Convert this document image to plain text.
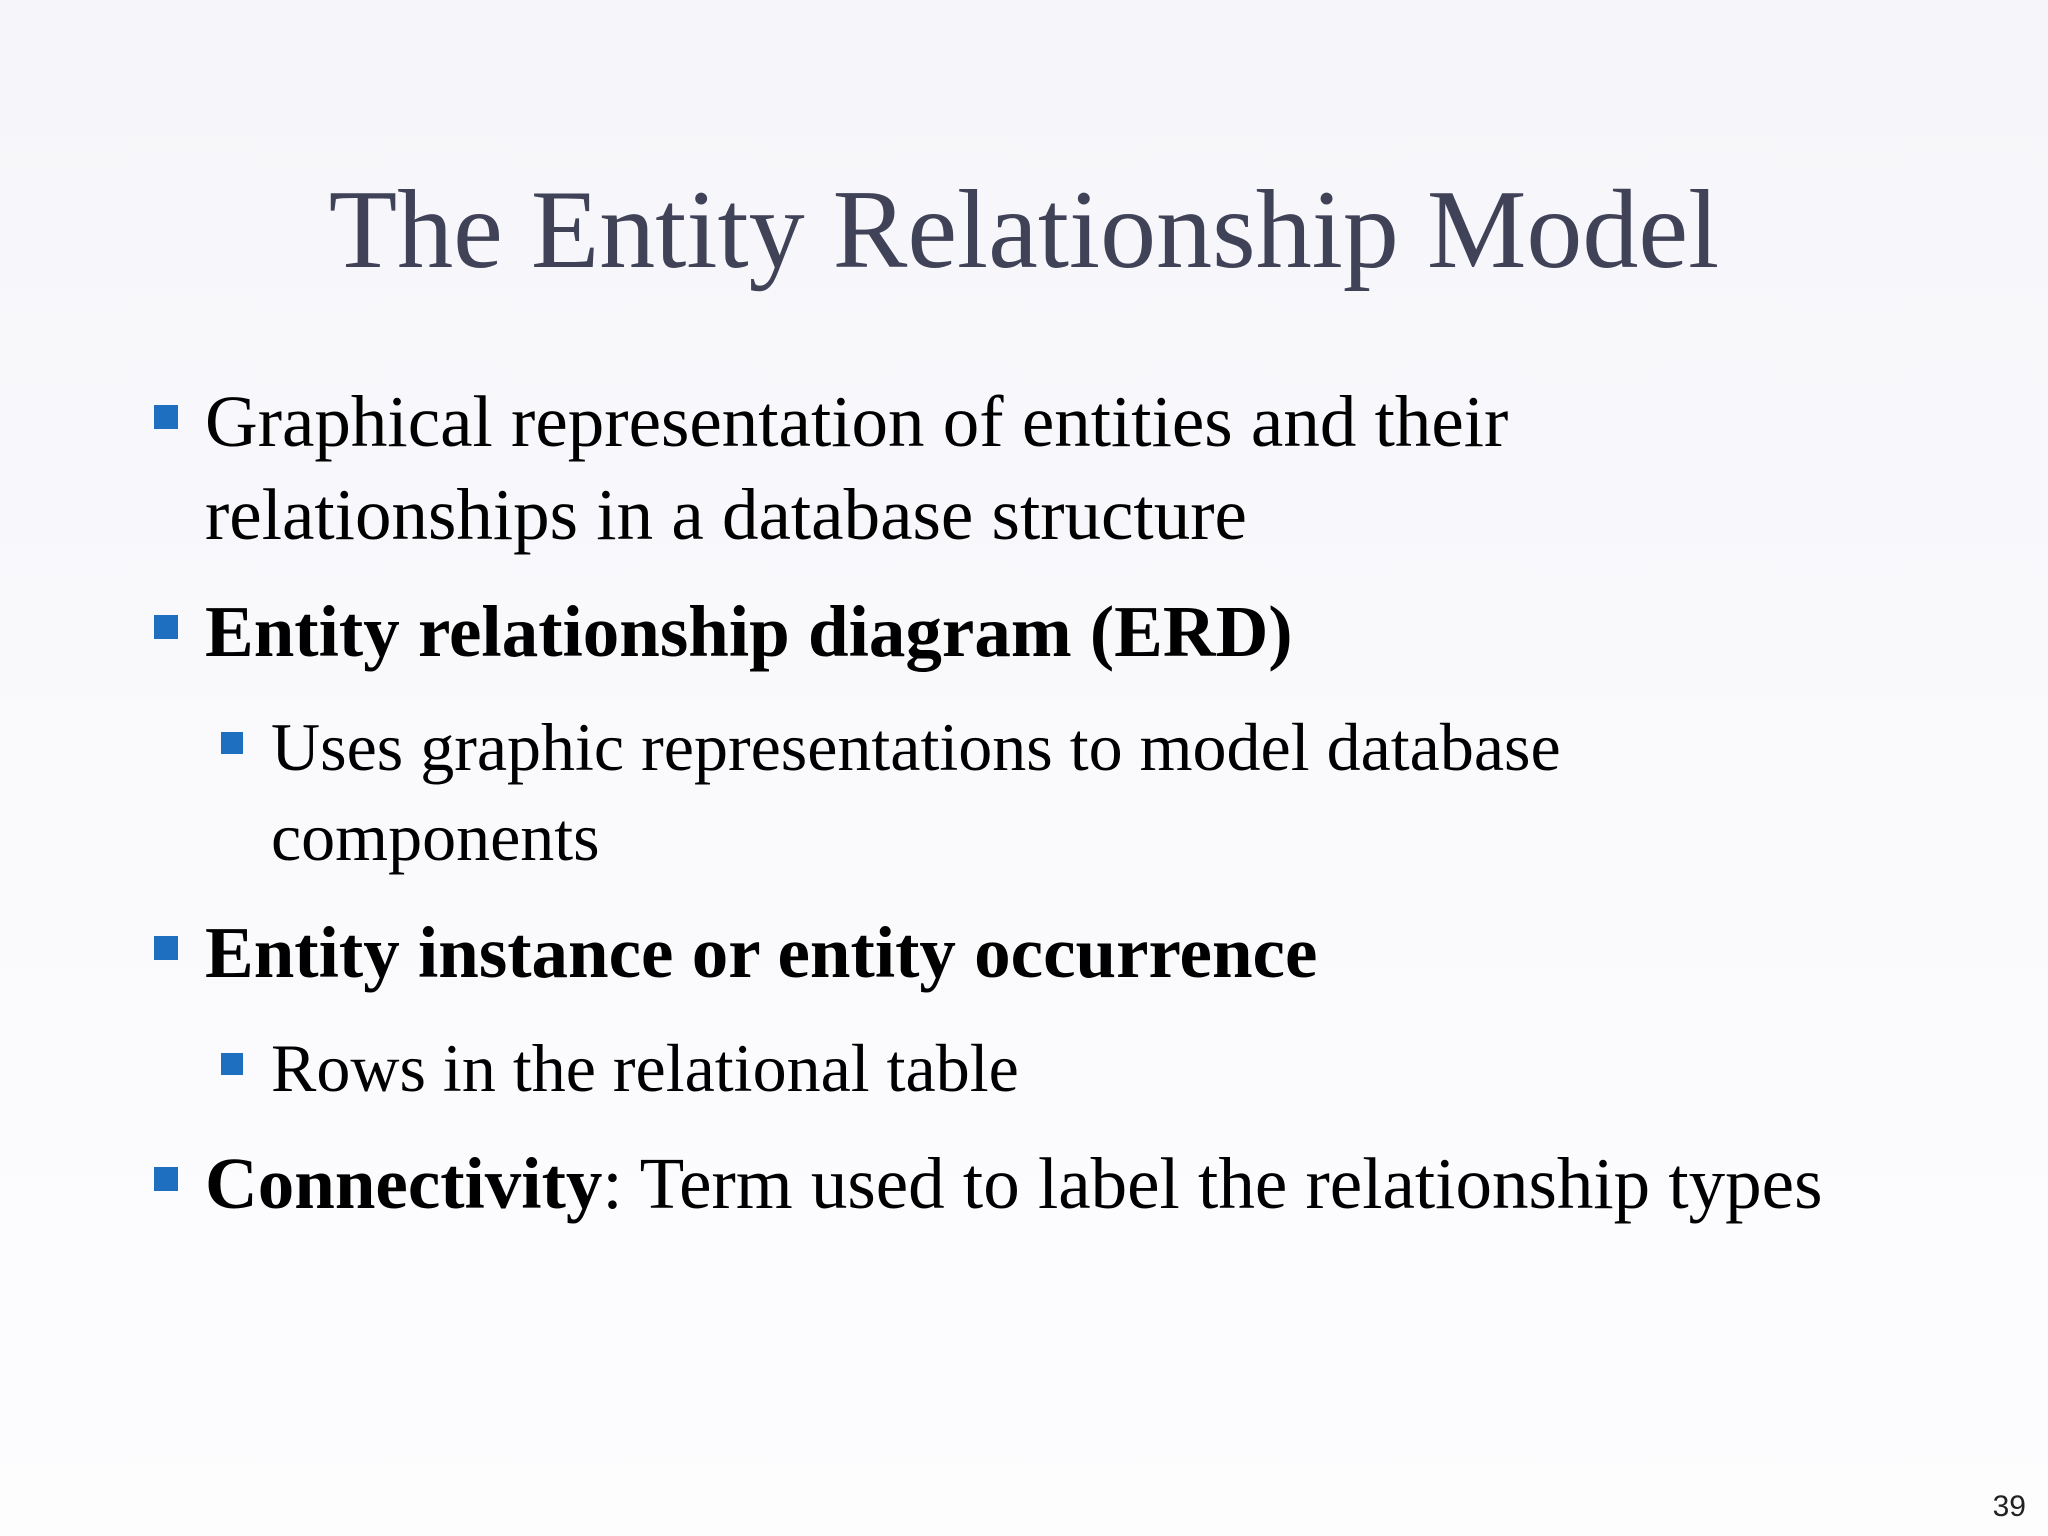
The Entity Relationship Model
Graphical representation of entities and their relationships in a database structure
Entity relationship diagram (ERD)
Uses graphic representations to model database components
Entity instance or entity occurrence
Rows in the relational table
Connectivity: Term used to label the relationship types
39
